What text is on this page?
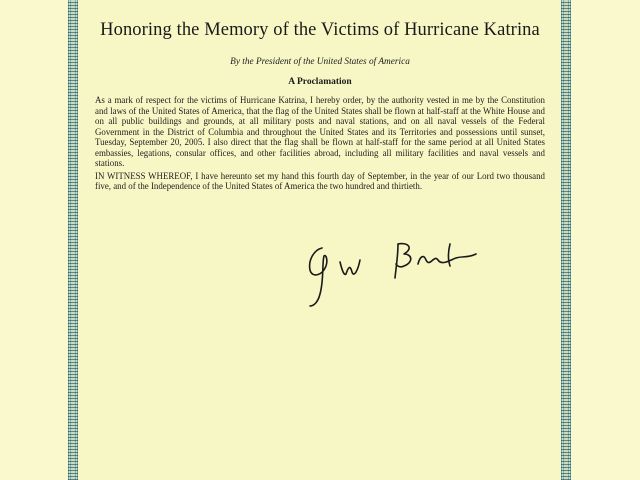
Honoring the Memory of the Victims of Hurricane Katrina
By the President of the United States of America
A Proclamation

As a mark of respect for the victims of Hurricane Katrina, I hereby order, by the authority vested in me by the Constitution and laws of the United States of America, that the flag of the United States shall be flown at half-staff at the White House and on all public buildings and grounds, at all military posts and naval stations, and on all naval vessels of the Federal Government in the District of Columbia and throughout the United States and its Territories and possessions until sunset, Tuesday, September 20, 2005. I also direct that the flag shall be flown at half-staff for the same period at all United States embassies, legations, consular offices, and other facilities abroad, including all military facilities and naval vessels and stations.

IN WITNESS WHEREOF, I have hereunto set my hand this fourth day of September, in the year of our Lord two thousand five, and of the Independence of the United States of America the two hundred and thirtieth.
